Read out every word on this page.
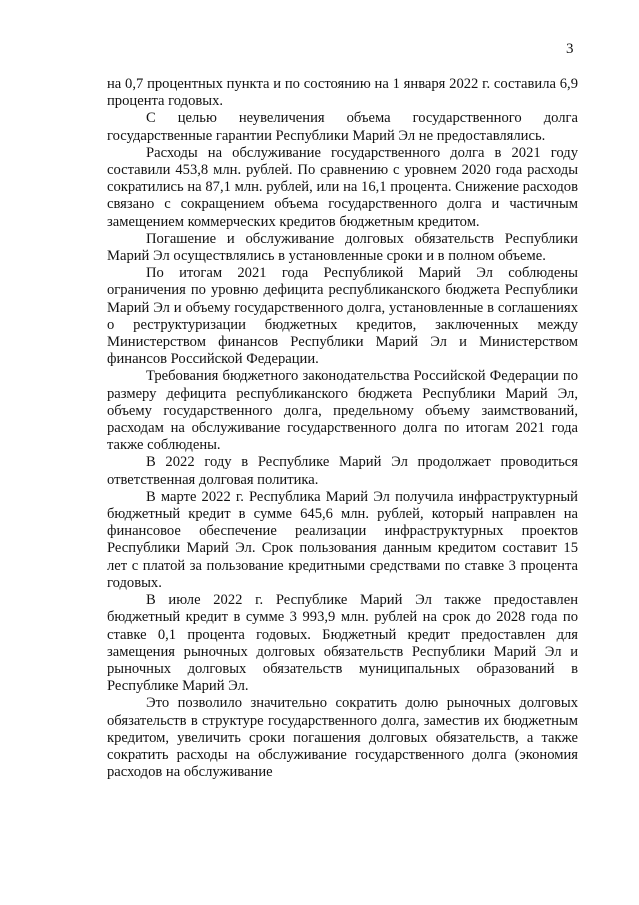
3

на 0,7 процентных пункта и по состоянию на 1 января 2022 г. составила 6,9 процента годовых.

С целью неувеличения объема государственного долга государственные гарантии Республики Марий Эл не предоставлялись.

Расходы на обслуживание государственного долга в 2021 году составили 453,8 млн. рублей. По сравнению с уровнем 2020 года расходы сократились на 87,1 млн. рублей, или на 16,1 процента. Снижение расходов связано с сокращением объема государственного долга и частичным замещением коммерческих кредитов бюджетным кредитом.

Погашение и обслуживание долговых обязательств Республики Марий Эл осуществлялись в установленные сроки и в полном объеме.

По итогам 2021 года Республикой Марий Эл соблюдены ограничения по уровню дефицита республиканского бюджета Республики Марий Эл и объему государственного долга, установленные в соглашениях о реструктуризации бюджетных кредитов, заключенных между Министерством финансов Республики Марий Эл и Министерством финансов Российской Федерации.

Требования бюджетного законодательства Российской Федерации по размеру дефицита республиканского бюджета Республики Марий Эл, объему государственного долга, предельному объему заимствований, расходам на обслуживание государственного долга по итогам 2021 года также соблюдены.

В 2022 году в Республике Марий Эл продолжает проводиться ответственная долговая политика.

В марте 2022 г. Республика Марий Эл получила инфраструктурный бюджетный кредит в сумме 645,6 млн. рублей, который направлен на финансовое обеспечение реализации инфраструктурных проектов Республики Марий Эл. Срок пользования данным кредитом составит 15 лет с платой за пользование кредитными средствами по ставке 3 процента годовых.

В июле 2022 г. Республике Марий Эл также предоставлен бюджетный кредит в сумме 3 993,9 млн. рублей на срок до 2028 года по ставке 0,1 процента годовых. Бюджетный кредит предоставлен для замещения рыночных долговых обязательств Республики Марий Эл и рыночных долговых обязательств муниципальных образований в Республике Марий Эл.

Это позволило значительно сократить долю рыночных долговых обязательств в структуре государственного долга, заместив их бюджетным кредитом, увеличить сроки погашения долговых обязательств, а также сократить расходы на обслуживание государственного долга (экономия расходов на обслуживание
